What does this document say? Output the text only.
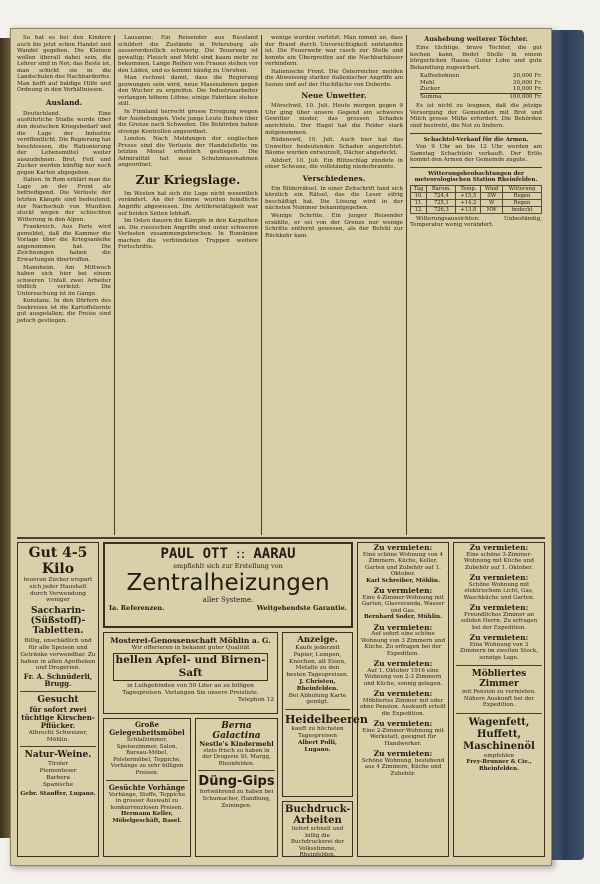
So hat es bei den Kindern auch bis jetzt schon Handel und Wandel gegeben. Die Kleinen wollen überall dabei sein, die Lehrer sind in Not; das Beste ist, man schickt sie in die Landschulen des Nachbardorfes. Man hofft auf baldige Hilfe und Ordnung in den Verhältnissen.

Ausland.

Deutschland. Eine ausführliche Studie wurde über den deutschen Kriegsbedarf und die Lage der Industrie veröffentlicht. Die Regierung hat beschlossen, die Rationierung der Lebensmittel weiter auszudehnen. Brot, Fett und Zucker werden künftig nur noch gegen Karten abgegeben.

Italien. In Rom erklärt man die Lage an der Front als befriedigend. Die Verluste der letzten Kämpfe sind bedeutend; der Nachschub von Munition stockt wegen der schlechten Witterung in den Alpen.

Frankreich. Aus Paris wird gemeldet, daß die Kammer die Vorlage über die Kriegsanleihe angenommen hat. Die Zeichnungen haben die Erwartungen übertroffen.

Mannheim. Am Mittwoch haben sich hier bei einem schweren Unfall zwei Arbeiter tödlich verletzt. Die Untersuchung ist im Gange.

Konstanz. In den Dörfern des Seekreises ist die Kartoffelernte gut ausgefallen; die Preise sind jedoch gestiegen.

Lausanne. Ein Reisender aus Russland schildert die Zustände in Petersburg als ausserordentlich schwierig. Die Teuerung ist gewaltig; Fleisch und Mehl sind kaum mehr zu bekommen. Lange Reihen von Frauen stehen vor den Läden, und es kommt häufig zu Unruhen.

Man rechnet damit, dass die Regierung gezwungen sein wird, neue Massnahmen gegen den Wucher zu ergreifen. Die Industriearbeiter verlangen höhere Löhne; einige Fabriken stehen still.

In Finnland herrscht grosse Erregung wegen der Aushebungen. Viele junge Leute fliehen über die Grenze nach Schweden. Die Behörden haben strenge Kontrollen angeordnet.

London. Nach Meldungen der englischen Presse sind die Verluste der Handelsflotte im letzten Monat erheblich gestiegen. Die Admiralität hat neue Schutzmassnahmen angeordnet.

Zur Kriegslage.

Im Westen hat sich die Lage nicht wesentlich verändert. An der Somme wurden feindliche Angriffe abgewiesen. Die Artillerietätigkeit war auf beiden Seiten lebhaft.

Im Osten dauern die Kämpfe in den Karpathen an. Die russischen Angriffe sind unter schweren Verlusten zusammengebrochen. In Rumänien machen die verbündeten Truppen weitere Fortschritte.

wenige wurden verletzt. Man nimmt an, dass der Brand durch Unvorsichtigkeit entstanden ist. Die Feuerwehr war rasch zur Stelle und konnte ein Übergreifen auf die Nachbarhäuser verhindern.

Italienische Front. Die Österreicher melden die Abweisung starker italienischer Angriffe am Isonzo und auf der Hochfläche von Doberdo.

Neue Unwetter.

Mörschwil, 10. Juli. Heute morgen gegen 9 Uhr ging über unsere Gegend ein schweres Gewitter nieder, das grossen Schaden anrichtete. Der Hagel hat die Felder stark mitgenommen.

Rüdenswil, 10. Juli. Auch hier hat das Unwetter bedeutenden Schaden angerichtet. Bäume wurden entwurzelt, Dächer abgedeckt.

Altdorf, 10. Juli. Ein Blitzschlag zündete in einer Scheune, die vollständig niederbrannte.

Verschiedenes.

Ein Bilderrätsel. In einer Zeitschrift fand sich kürzlich ein Rätsel, das die Leser eifrig beschäftigt hat. Die Lösung wird in der nächsten Nummer bekanntgegeben.

Wenige Schritte. Ein junger Reisender erzählte, er sei von der Grenze nur wenige Schritte entfernt gewesen, als der Befehl zur Rückkehr kam.

Aushebung weiterer Töchter.

Eine tüchtige, brave Tochter, die gut kochen kann, findet Stelle in einem bürgerlichen Hause. Guter Lohn und gute Behandlung zugesichert.

Kaffeebohnen	20,000 Fr.
Mehl	30,000 Fr.
Zucker	10,000 Fr.
Summa	100,000 Fr.

Es ist nicht zu leugnen, daß die jetzige Versorgung der Gemeinden mit Brot und Milch grosse Mühe erfordert. Die Behörden sind bestrebt, die Not zu lindern.

Schachtel-Verkauf für die Armen.

Von 9 Uhr an bis 12 Uhr werden am Samstag Schachteln verkauft. Der Erlös kommt den Armen der Gemeinde zugute.

Witterungsbeobachtungen der meteorologischen Station Rheinfelden.

Tag	Barom.	Temp.	Wind	Witterung
10.	724,4	+15,5	SW	Regen
11.	725,1	+14,2	W	Regen
12.	726,3	+13,8	NW	bedeckt

Witterungsaussichten: Unbeständig, Temperatur wenig verändert.

Gut 4-5 Kilo
teueren Zucker erspart sich jeder Haushalt durch Verwendung weniger
Saccharin-(Süßstoff)-Tabletten.
Billig, unschädlich und für alle Speisen und Getränke verwendbar. Zu haben in allen Apotheken und Drogerien.
Fr. A. Schnüderli, Brugg.
Gesucht
für sofort zwei tüchtige Kirschen-Pflücker.
Albrecht Schweizer, Möhlin.
Natur-Weine.
Tiroler
Piemonteser
Barbera
Spanische
Gebr. Stauffer, Lugano.
PAUL OTT :: AARAU
empfiehlt sich zur Erstellung von
Zentralheizungen
aller Systeme.
Ia. Referenzen.	Weitgehendste Garantie.
Mosterei-Genossenschaft Möhlin a. G.
Wir offerieren in bekannt guter Qualität
hellen Apfel- und Birnen-Saft
in Leihgebinden von 50 Liter an zu billigen Tagespreisen. Verlangen Sie unsere Preisliste.
Telephon 12
Anzeige.
Kaufe jederzeit Papier, Lumpen, Knochen, alt Eisen, Metalle zu den besten Tagespreisen.
J. Christen, Rheinfelden.
Bei Abholung Karte genügt.
Heidelbeeren
kauft zu höchsten Tagespreisen
Albert Polli, Lugano.
Große Gelegenheitsmöbel
Schlafzimmer, Speisezimmer, Salon, Bureau-Möbel, Polstermöbel, Teppiche, Vorhänge zu sehr billigen Preisen.
Gesüchte Vorhänge
Vorhänge, Stoffe, Teppiche in grosser Auswahl zu konkurrenzlosen Preisen.
Hermann Keller, Möbelgeschäft, Basel.
Berna
Galactina
Nestle's Kindermehl
stets frisch zu haben in der Drogerie St. Margg, Rheinfelden.
Düng-Gips
fortwährend zu haben bei Schumacher, Handlung, Zeiningen.	Buchdruck-Arbeiten
liefert schnell und billig die Buchdruckerei der Volksstimme, Rheinfelden.
Zu vermieten:
Eine schöne Wohnung von 4 Zimmern, Küche, Keller, Garten und Zubehör auf 1. Oktober.
Karl Schreiber, Möhlin.
Zu vermieten:
Eine 4-Zimmer-Wohnung mit Garten, Glasveranda, Wasser und Gas.
Bernhard Soder, Mühlin.
Zu vermieten:
Auf sofort eine schöne Wohnung von 3 Zimmern und Küche. Zu erfragen bei der Expedition.
Zu vermieten:
Auf 1. Oktober 1916 eine Wohnung von 2-3 Zimmern und Küche, sonnig gelegen.
Zu vermieten:
Möbliertes Zimmer mit oder ohne Pension. Auskunft erteilt die Expedition.
Zu vermieten:
Eine 2-Zimmer-Wohnung mit Werkstatt, geeignet für Handwerker.
Zu vermieten:
Schöne Wohnung, bestehend aus 4 Zimmern, Küche und Zubehör.
Zu vermieten:
Eine schöne 3-Zimmer-Wohnung mit Küche und Zubehör auf 1. Oktober.
Zu vermieten:
Schöne Wohnung mit elektrischem Licht, Gas, Waschküche und Garten.
Zu vermieten:
Freundliches Zimmer an soliden Herrn. Zu erfragen bei der Expedition.
Zu vermieten:
Eine Wohnung von 3 Zimmern im zweiten Stock, sonnige Lage.
Möbliertes Zimmer
mit Pension zu vermieten. Nähere Auskunft bei der Expedition.
Wagenfett, Huffett, Maschinenöl
empfehlen
Frey-Brunner & Cie., Rheinfelden.
